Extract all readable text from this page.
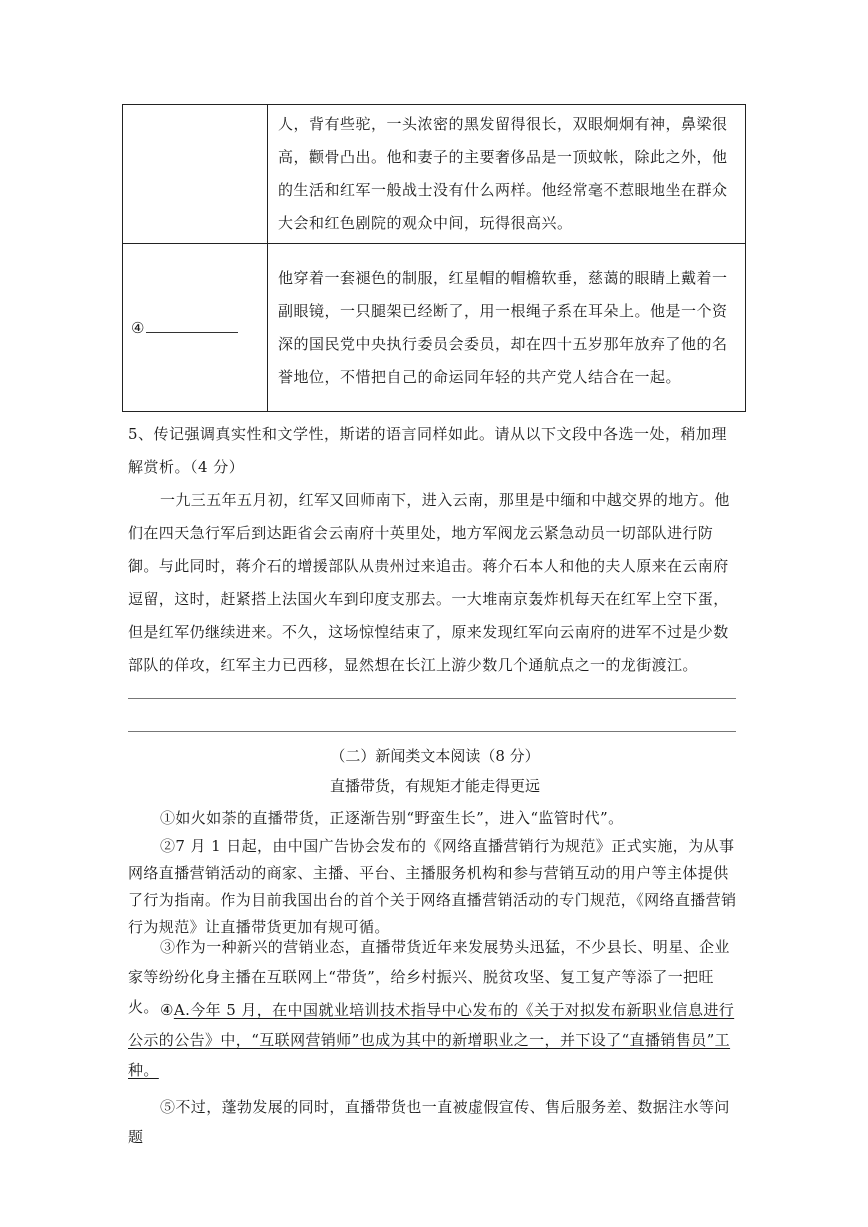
	人，背有些驼，一头浓密的黑发留得很长，双眼炯炯有神，鼻梁很高，颧骨凸出。他和妻子的主要奢侈品是一顶蚊帐，除此之外，他的生活和红军一般战士没有什么两样。他经常毫不惹眼地坐在群众大会和红色剧院的观众中间，玩得很高兴。
④	他穿着一套褪色的制服，红星帽的帽檐软垂，慈蔼的眼睛上戴着一副眼镜，一只腿架已经断了，用一根绳子系在耳朵上。他是一个资深的国民党中央执行委员会委员，却在四十五岁那年放弃了他的名誉地位，不惜把自己的命运同年轻的共产党人结合在一起。

5、传记强调真实性和文学性，斯诺的语言同样如此。请从以下文段中各选一处，稍加理解赏析。（4 分）

一九三五年五月初，红军又回师南下，进入云南，那里是中缅和中越交界的地方。他们在四天急行军后到达距省会云南府十英里处，地方军阀龙云紧急动员一切部队进行防御。与此同时，蒋介石的增援部队从贵州过来追击。蒋介石本人和他的夫人原来在云南府逗留，这时，赶紧搭上法国火车到印度支那去。一大堆南京轰炸机每天在红军上空下蛋，但是红军仍继续进来。不久，这场惊惶结束了，原来发现红军向云南府的进军不过是少数部队的佯攻，红军主力已西移，显然想在长江上游少数几个通航点之一的龙街渡江。

（二）新闻类文本阅读（8 分）

直播带货，有规矩才能走得更远

①如火如荼的直播带货，正逐渐告别“野蛮生长”，进入“监管时代”。

②7 月 1 日起，由中国广告协会发布的《网络直播营销行为规范》正式实施，为从事网络直播营销活动的商家、主播、平台、主播服务机构和参与营销互动的用户等主体提供了行为指南。作为目前我国出台的首个关于网络直播营销活动的专门规范，《网络直播营销行为规范》让直播带货更加有规可循。

③作为一种新兴的营销业态，直播带货近年来发展势头迅猛，不少县长、明星、企业家等纷纷化身主播在互联网上“带货”，给乡村振兴、脱贫攻坚、复工复产等添了一把旺火。 ④A.今年 5 月，在中国就业培训技术指导中心发布的《关于对拟发布新职业信息进行公示的公告》中，“互联网营销师”也成为其中的新增职业之一，并下设了“直播销售员”工种。

⑤不过，蓬勃发展的同时，直播带货也一直被虚假宣传、售后服务差、数据注水等问题
